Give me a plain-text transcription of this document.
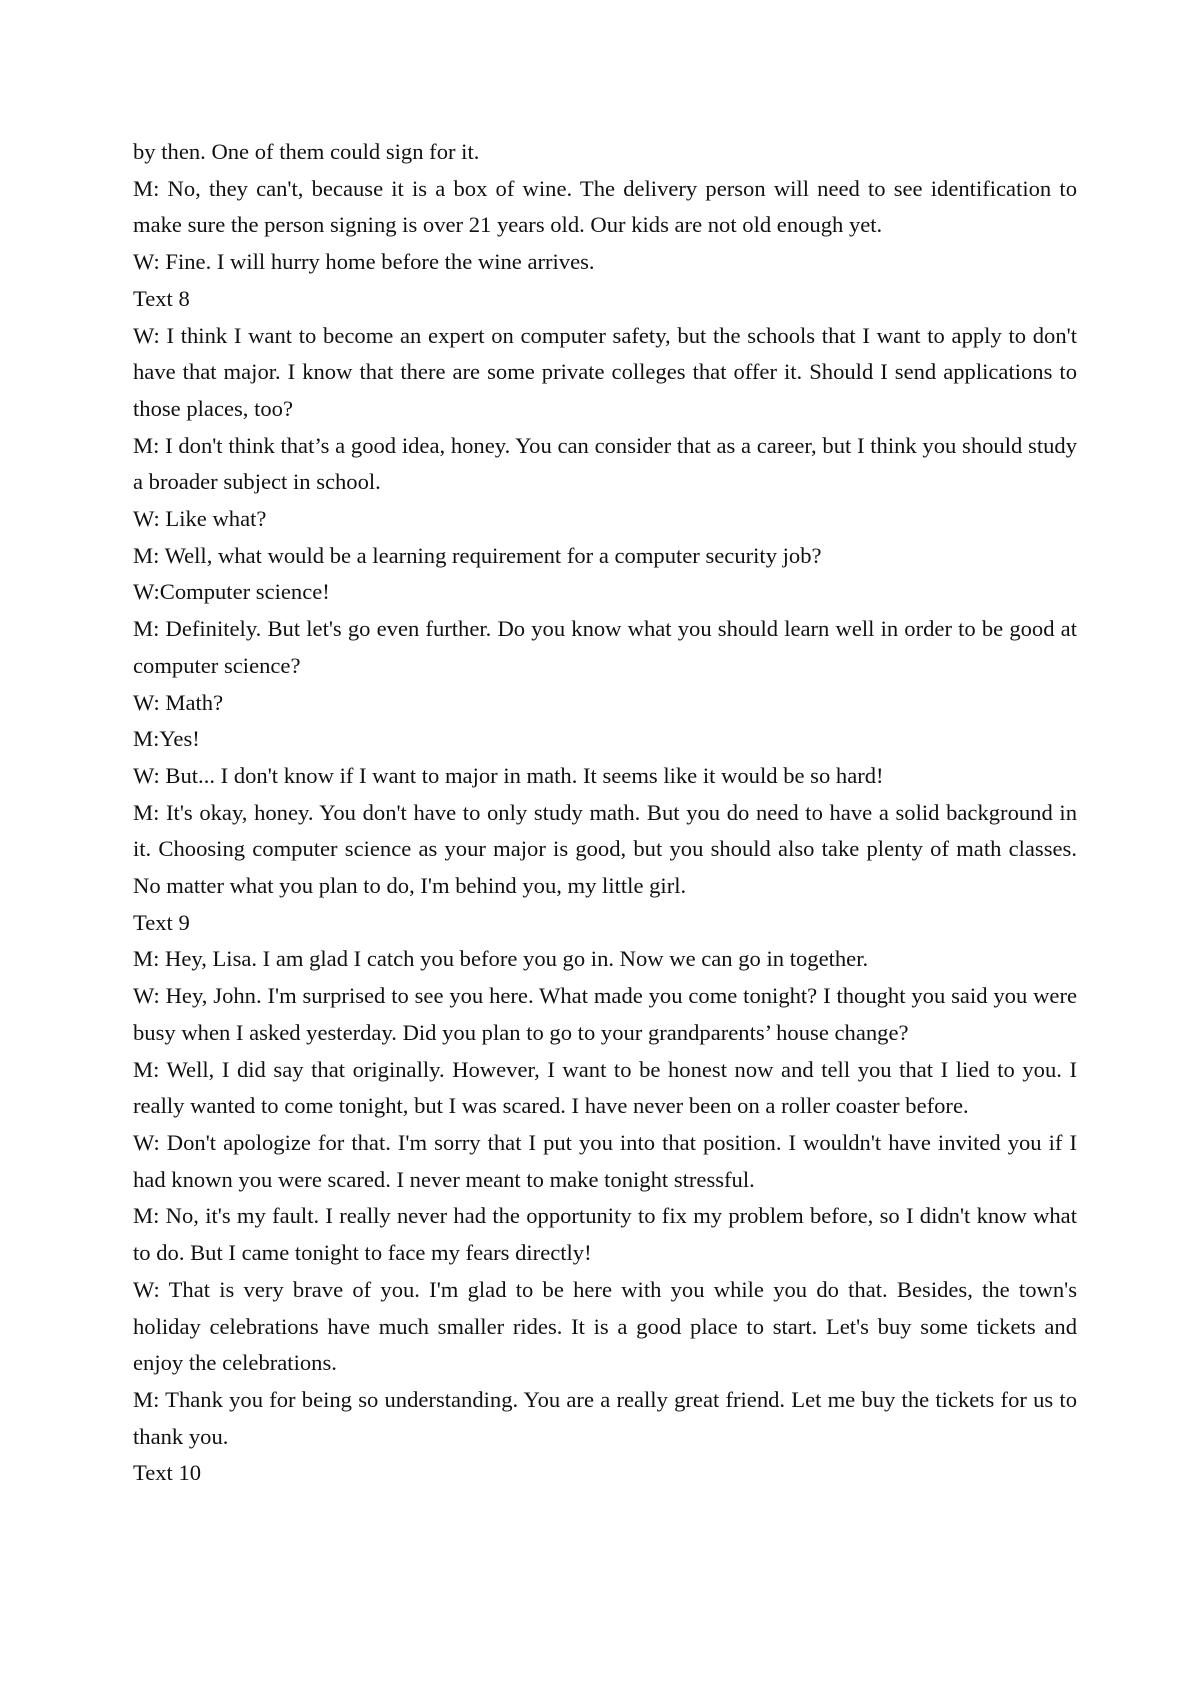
by then. One of them could sign for it.

M: No, they can't, because it is a box of wine. The delivery person will need to see identification to make sure the person signing is over 21 years old. Our kids are not old enough yet.

W: Fine. I will hurry home before the wine arrives.

Text 8

W: I think I want to become an expert on computer safety, but the schools that I want to apply to don't have that major. I know that there are some private colleges that offer it. Should I send applications to those places, too?

M: I don't think that’s a good idea, honey. You can consider that as a career, but I think you should study a broader subject in school.

W: Like what?

M: Well, what would be a learning requirement for a computer security job?

W:Computer science!

M: Definitely. But let's go even further. Do you know what you should learn well in order to be good at computer science?

W: Math?

M:Yes!

W: But... I don't know if I want to major in math. It seems like it would be so hard!

M: It's okay, honey. You don't have to only study math. But you do need to have a solid background in it. Choosing computer science as your major is good, but you should also take plenty of math classes. No matter what you plan to do, I'm behind you, my little girl.

Text 9

M: Hey, Lisa. I am glad I catch you before you go in. Now we can go in together.

W: Hey, John. I'm surprised to see you here. What made you come tonight? I thought you said you were busy when I asked yesterday. Did you plan to go to your grandparents’ house change?

M: Well, I did say that originally. However, I want to be honest now and tell you that I lied to you. I really wanted to come tonight, but I was scared. I have never been on a roller coaster before.

W: Don't apologize for that. I'm sorry that I put you into that position. I wouldn't have invited you if I had known you were scared. I never meant to make tonight stressful.

M: No, it's my fault. I really never had the opportunity to fix my problem before, so I didn't know what to do. But I came tonight to face my fears directly!

W: That is very brave of you. I'm glad to be here with you while you do that. Besides, the town's holiday celebrations have much smaller rides. It is a good place to start. Let's buy some tickets and enjoy the celebrations.

M: Thank you for being so understanding. You are a really great friend. Let me buy the tickets for us to thank you.

Text 10
